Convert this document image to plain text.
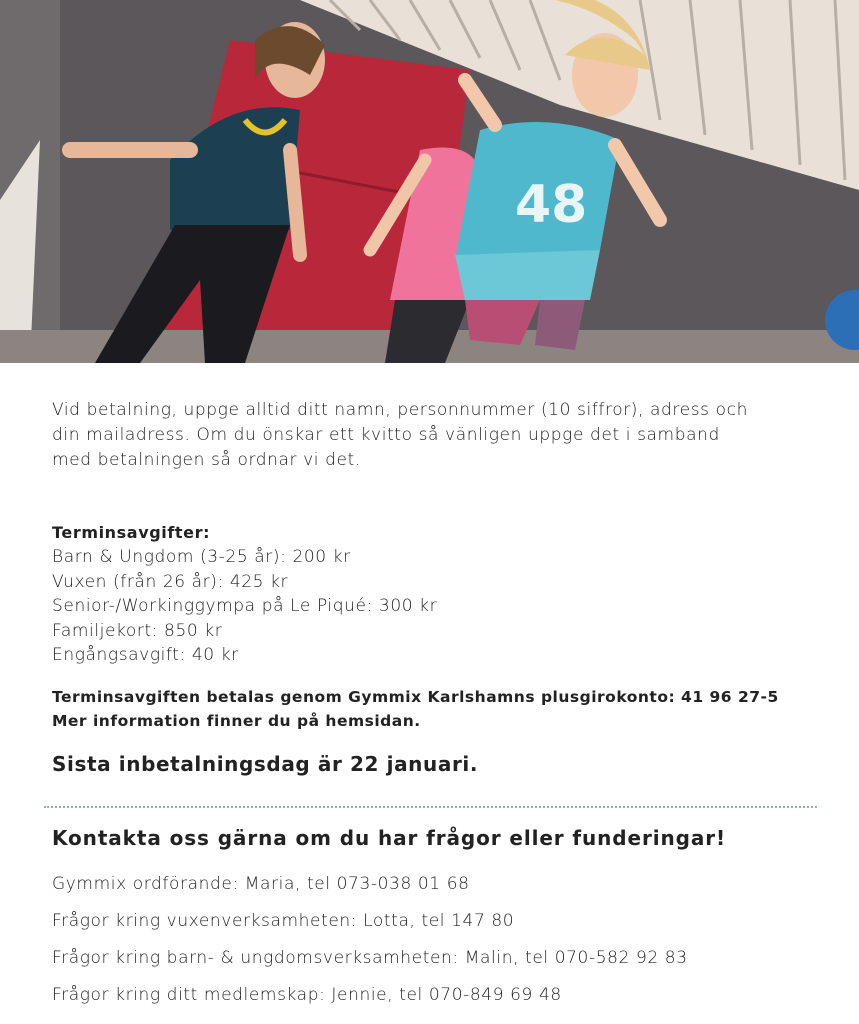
48

Vid betalning, uppge alltid ditt namn, personnummer (10 siffror), adress och
din mailadress. Om du önskar ett kvitto så vänligen uppge det i samband
med betalningen så ordnar vi det.

Terminsavgifter:
Barn & Ungdom (3-25 år): 200 kr
Vuxen (från 26 år): 425 kr
Senior-/Workinggympa på Le Piqué: 300 kr
Familjekort: 850 kr
Engångsavgift: 40 kr
Terminsavgiften betalas genom Gymmix Karlshamns plusgirokonto: 41 96 27-5
Mer information finner du på hemsidan.
Sista inbetalningsdag är 22 januari.
Kontakta oss gärna om du har frågor eller funderingar!
Gymmix ordförande: Maria, tel 073-038 01 68
Frågor kring vuxenverksamheten: Lotta, tel 147 80
Frågor kring barn- & ungdomsverksamheten: Malin, tel 070-582 92 83
Frågor kring ditt medlemskap: Jennie, tel 070-849 69 48
